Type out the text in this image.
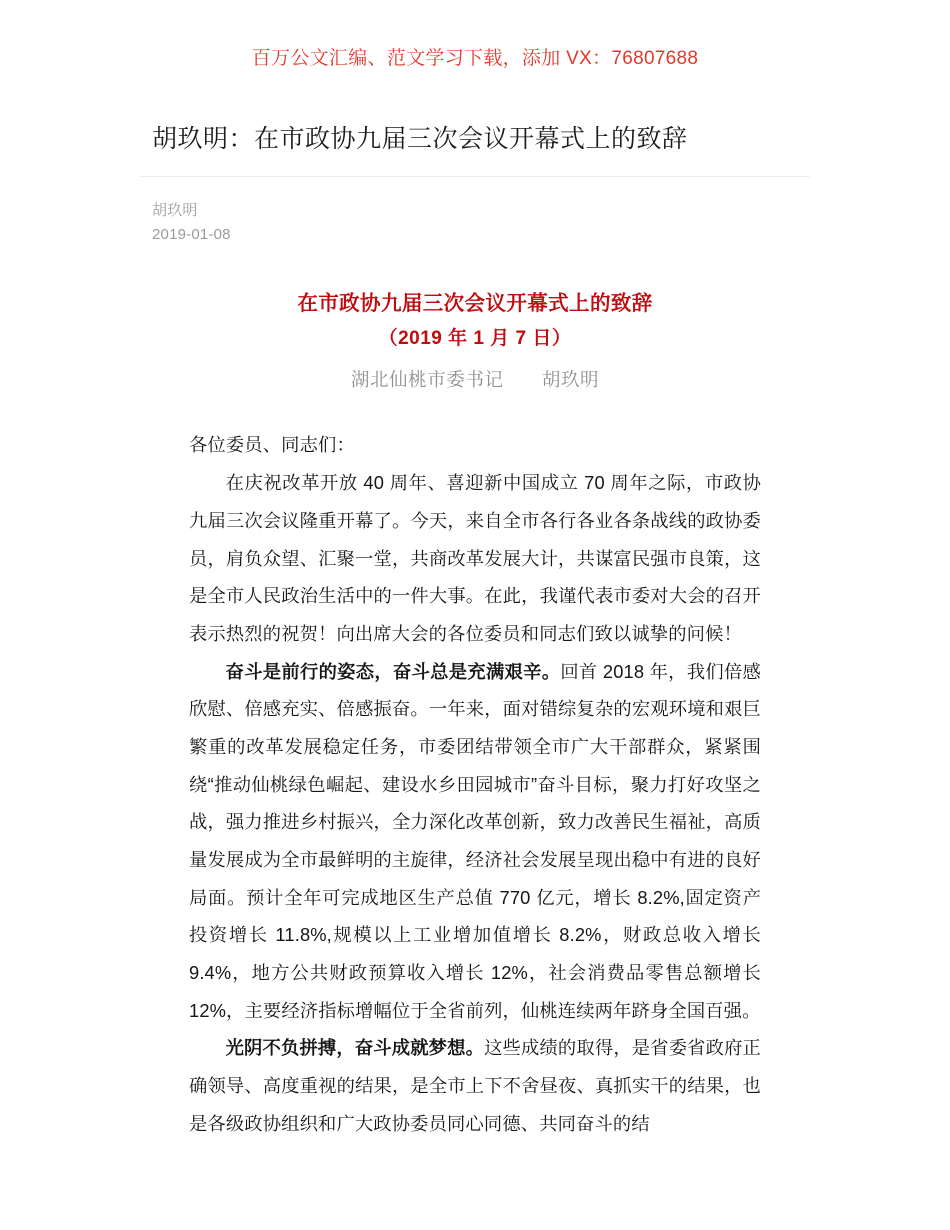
百万公文汇编、范文学习下载，添加 VX：76807688
胡玖明：在市政协九届三次会议开幕式上的致辞
胡玖明
2019-01-08
在市政协九届三次会议开幕式上的致辞
（2019 年 1 月 7 日）
湖北仙桃市委书记　　胡玖明

各位委员、同志们：

在庆祝改革开放 40 周年、喜迎新中国成立 70 周年之际，市政协九届三次会议隆重开幕了。今天，来自全市各行各业各条战线的政协委员，肩负众望、汇聚一堂，共商改革发展大计，共谋富民强市良策，这是全市人民政治生活中的一件大事。在此，我谨代表市委对大会的召开表示热烈的祝贺！向出席大会的各位委员和同志们致以诚挚的问候！

奋斗是前行的姿态，奋斗总是充满艰辛。回首 2018 年，我们倍感欣慰、倍感充实、倍感振奋。一年来，面对错综复杂的宏观环境和艰巨繁重的改革发展稳定任务，市委团结带领全市广大干部群众，紧紧围绕“推动仙桃绿色崛起、建设水乡田园城市”奋斗目标，聚力打好攻坚之战，强力推进乡村振兴，全力深化改革创新，致力改善民生福祉，高质量发展成为全市最鲜明的主旋律，经济社会发展呈现出稳中有进的良好局面。预计全年可完成地区生产总值 770 亿元，增长 8.2%,固定资产投资增长 11.8%,规模以上工业增加值增长 8.2%，财政总收入增长 9.4%，地方公共财政预算收入增长 12%，社会消费品零售总额增长 12%，主要经济指标增幅位于全省前列，仙桃连续两年跻身全国百强。

光阴不负拼搏，奋斗成就梦想。这些成绩的取得，是省委省政府正确领导、高度重视的结果，是全市上下不舍昼夜、真抓实干的结果，也是各级政协组织和广大政协委员同心同德、共同奋斗的结
